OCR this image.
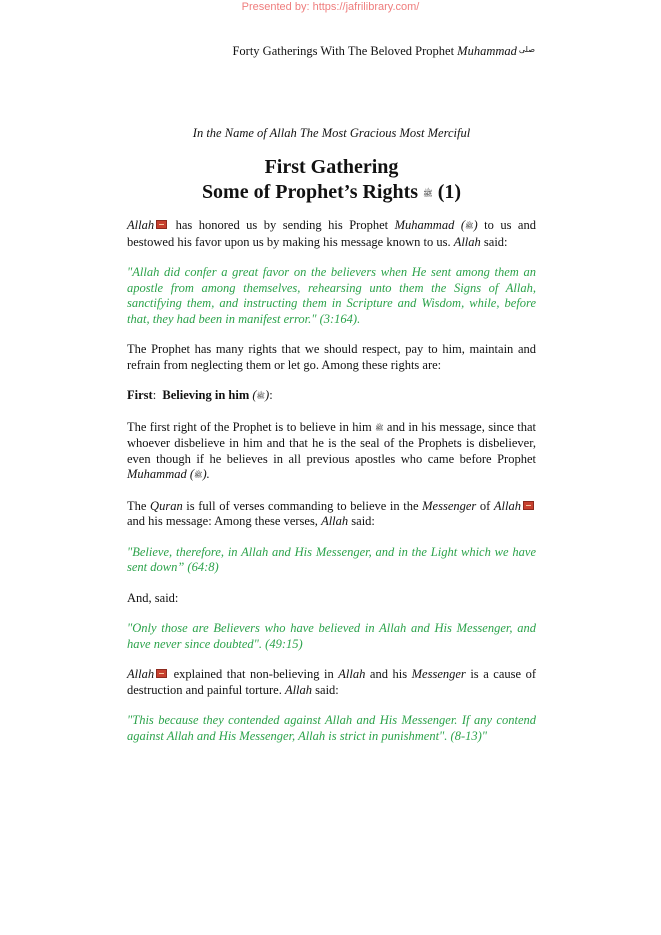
Presented by: https://jafrilibrary.com/
Forty Gatherings With The Beloved Prophet Muhammad صلی
In the Name of Allah The Most Gracious Most Merciful
First Gathering
Some of Prophet’s Rights ﷺ (1)

Allah has honored us by sending his Prophet Muhammad (ﷺ) to us and bestowed his favor upon us by making his message known to us. Allah said:

"Allah did confer a great favor on the believers when He sent among them an apostle from among themselves, rehearsing unto them the Signs of Allah, sanctifying them, and instructing them in Scripture and Wisdom, while, before that, they had been in manifest error." (3:164).

The Prophet has many rights that we should respect, pay to him, maintain and refrain from neglecting them or let go. Among these rights are:

First: Believing in him (ﷺ):

The first right of the Prophet is to believe in him ﷺ and in his message, since that whoever disbelieve in him and that he is the seal of the Prophets is disbeliever, even though if he believes in all previous apostles who came before Prophet Muhammad (ﷺ).

The Quran is full of verses commanding to believe in the Messenger of Allah and his message: Among these verses, Allah said:

"Believe, therefore, in Allah and His Messenger, and in the Light which we have sent down” (64:8)

And, said:

"Only those are Believers who have believed in Allah and His Messenger, and have never since doubted". (49:15)

Allah explained that non-believing in Allah and his Messenger is a cause of destruction and painful torture. Allah said:

"This because they contended against Allah and His Messenger. If any contend against Allah and His Messenger, Allah is strict in punishment". (8-13)"
